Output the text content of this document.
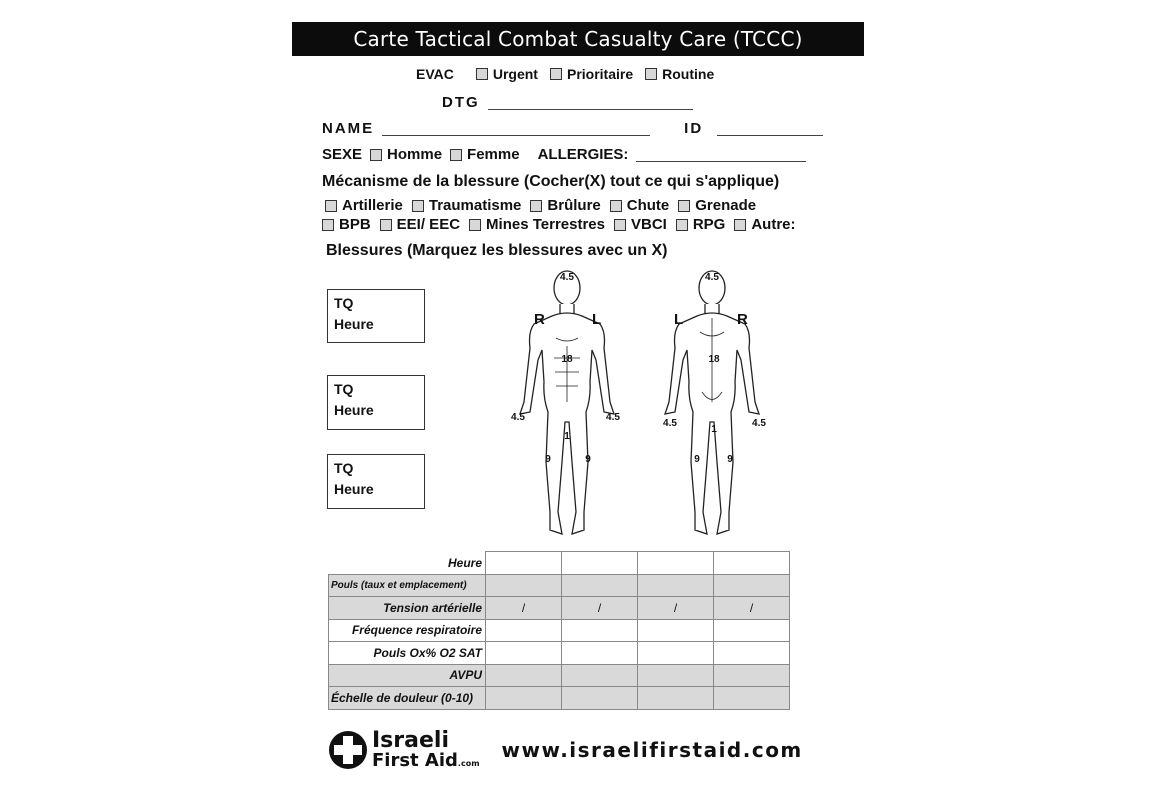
Carte Tactical Combat Casualty Care (TCCC)
EVAC	Urgent Prioritaire Routine
DTG
NAME	ID
SEXE Homme Femme ALLERGIES:
Mécanisme de la blessure (Cocher(X) tout ce qui s'applique)
Artillerie Traumatisme Brûlure Chute Grenade
BPB EEI/ EEC Mines Terrestres VBCI RPG Autre:
Blessures (Marquez les blessures avec un X)
TQ
Heure
TQ
Heure
TQ
Heure
R	L
4.5
18
4.5	4.5
1
9	9
L	R
4.5
18
4.5	4.5
1
9	9
Heure				
Pouls (taux et emplacement)				
Tension artérielle	/	/	/	/
Fréquence respiratoire				
Pouls Ox% O2 SAT				
AVPU				
Échelle de douleur (0-10)				
Israeli
First Aid.com
www.israelifirstaid.com
